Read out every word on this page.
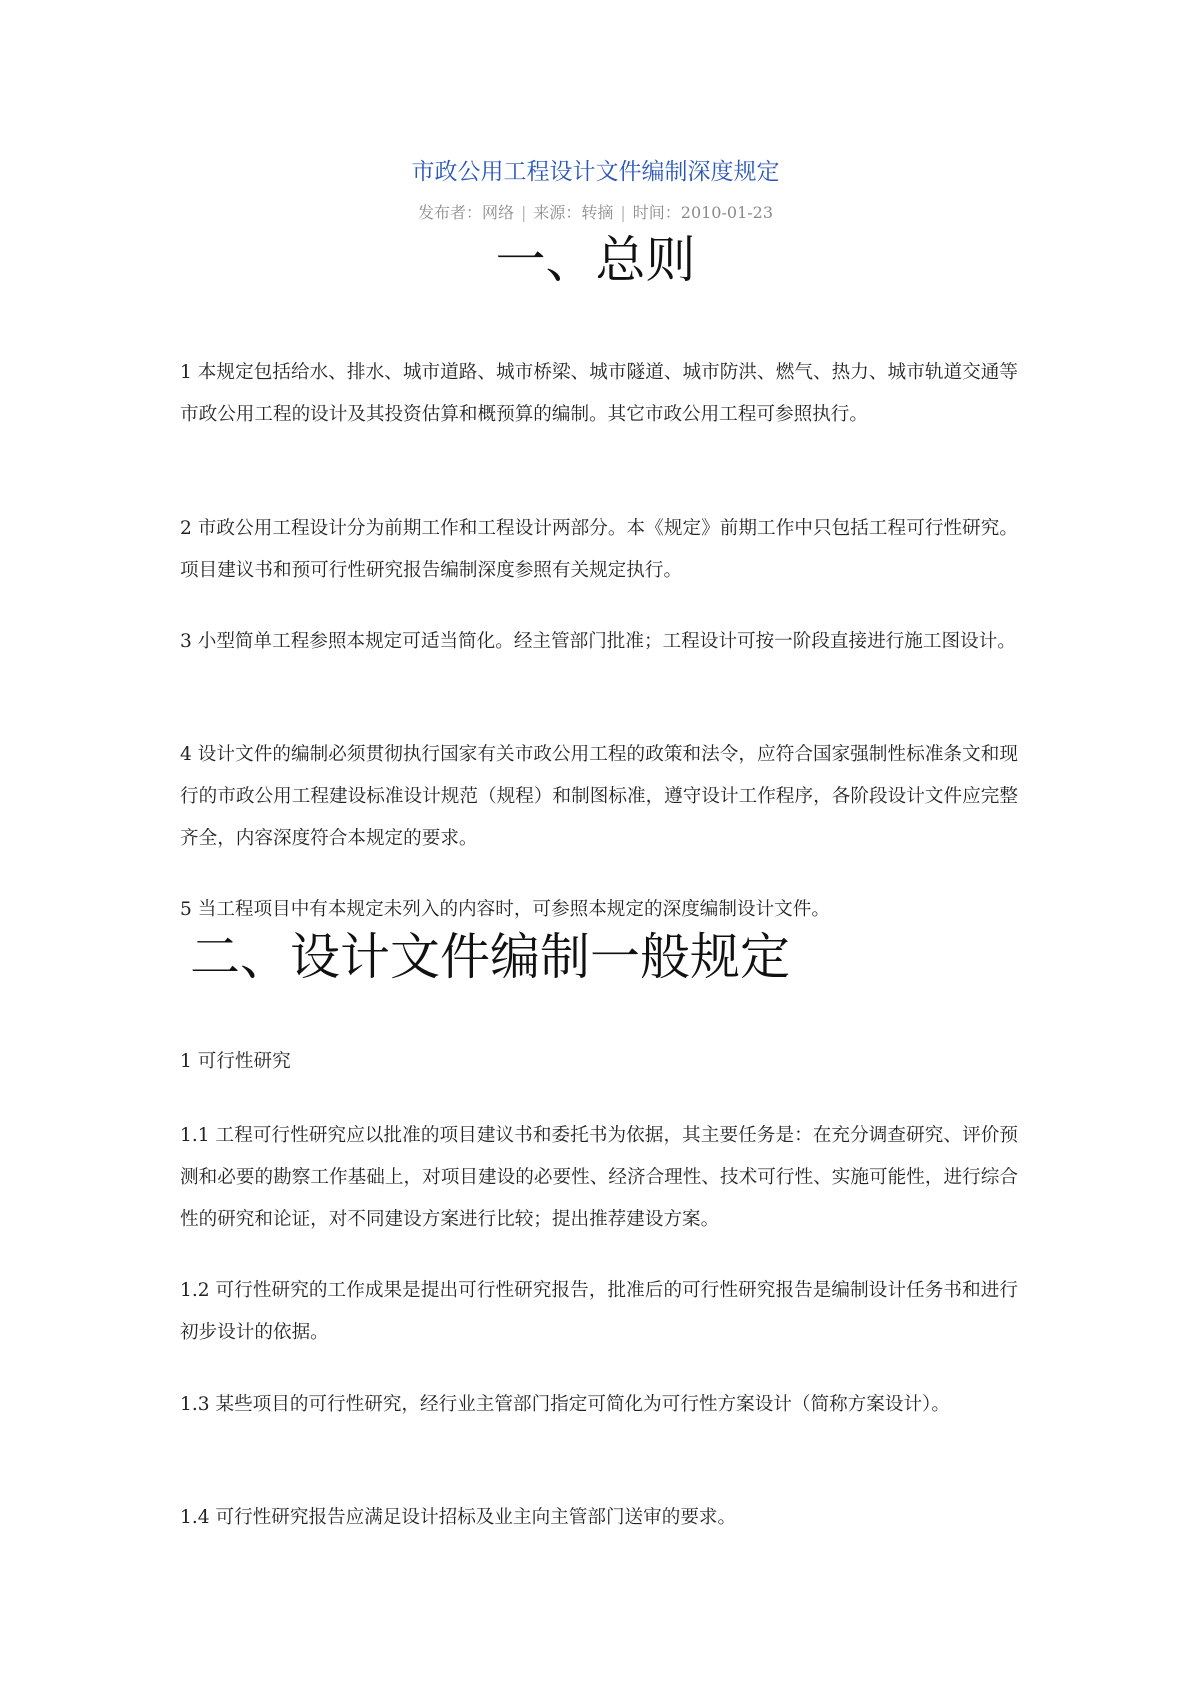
市政公用工程设计文件编制深度规定
发布者：网络 | 来源：转摘 | 时间：2010-01-23
一、总则

1 本规定包括给水、排水、城市道路、城市桥梁、城市隧道、城市防洪、燃气、热力、城市轨道交通等市政公用工程的设计及其投资估算和概预算的编制。其它市政公用工程可参照执行。

2 市政公用工程设计分为前期工作和工程设计两部分。本《规定》前期工作中只包括工程可行性研究。项目建议书和预可行性研究报告编制深度参照有关规定执行。

3 小型简单工程参照本规定可适当简化。经主管部门批准；工程设计可按一阶段直接进行施工图设计。

4 设计文件的编制必须贯彻执行国家有关市政公用工程的政策和法令，应符合国家强制性标准条文和现行的市政公用工程建设标准设计规范（规程）和制图标准，遵守设计工作程序，各阶段设计文件应完整齐全，内容深度符合本规定的要求。

5 当工程项目中有本规定未列入的内容时，可参照本规定的深度编制设计文件。

二、设计文件编制一般规定

1 可行性研究

1.1 工程可行性研究应以批准的项目建议书和委托书为依据，其主要任务是：在充分调查研究、评价预测和必要的勘察工作基础上，对项目建设的必要性、经济合理性、技术可行性、实施可能性，进行综合性的研究和论证，对不同建设方案进行比较；提出推荐建设方案。

1.2 可行性研究的工作成果是提出可行性研究报告，批准后的可行性研究报告是编制设计任务书和进行初步设计的依据。

1.3 某些项目的可行性研究，经行业主管部门指定可简化为可行性方案设计（简称方案设计）。

1.4 可行性研究报告应满足设计招标及业主向主管部门送审的要求。
